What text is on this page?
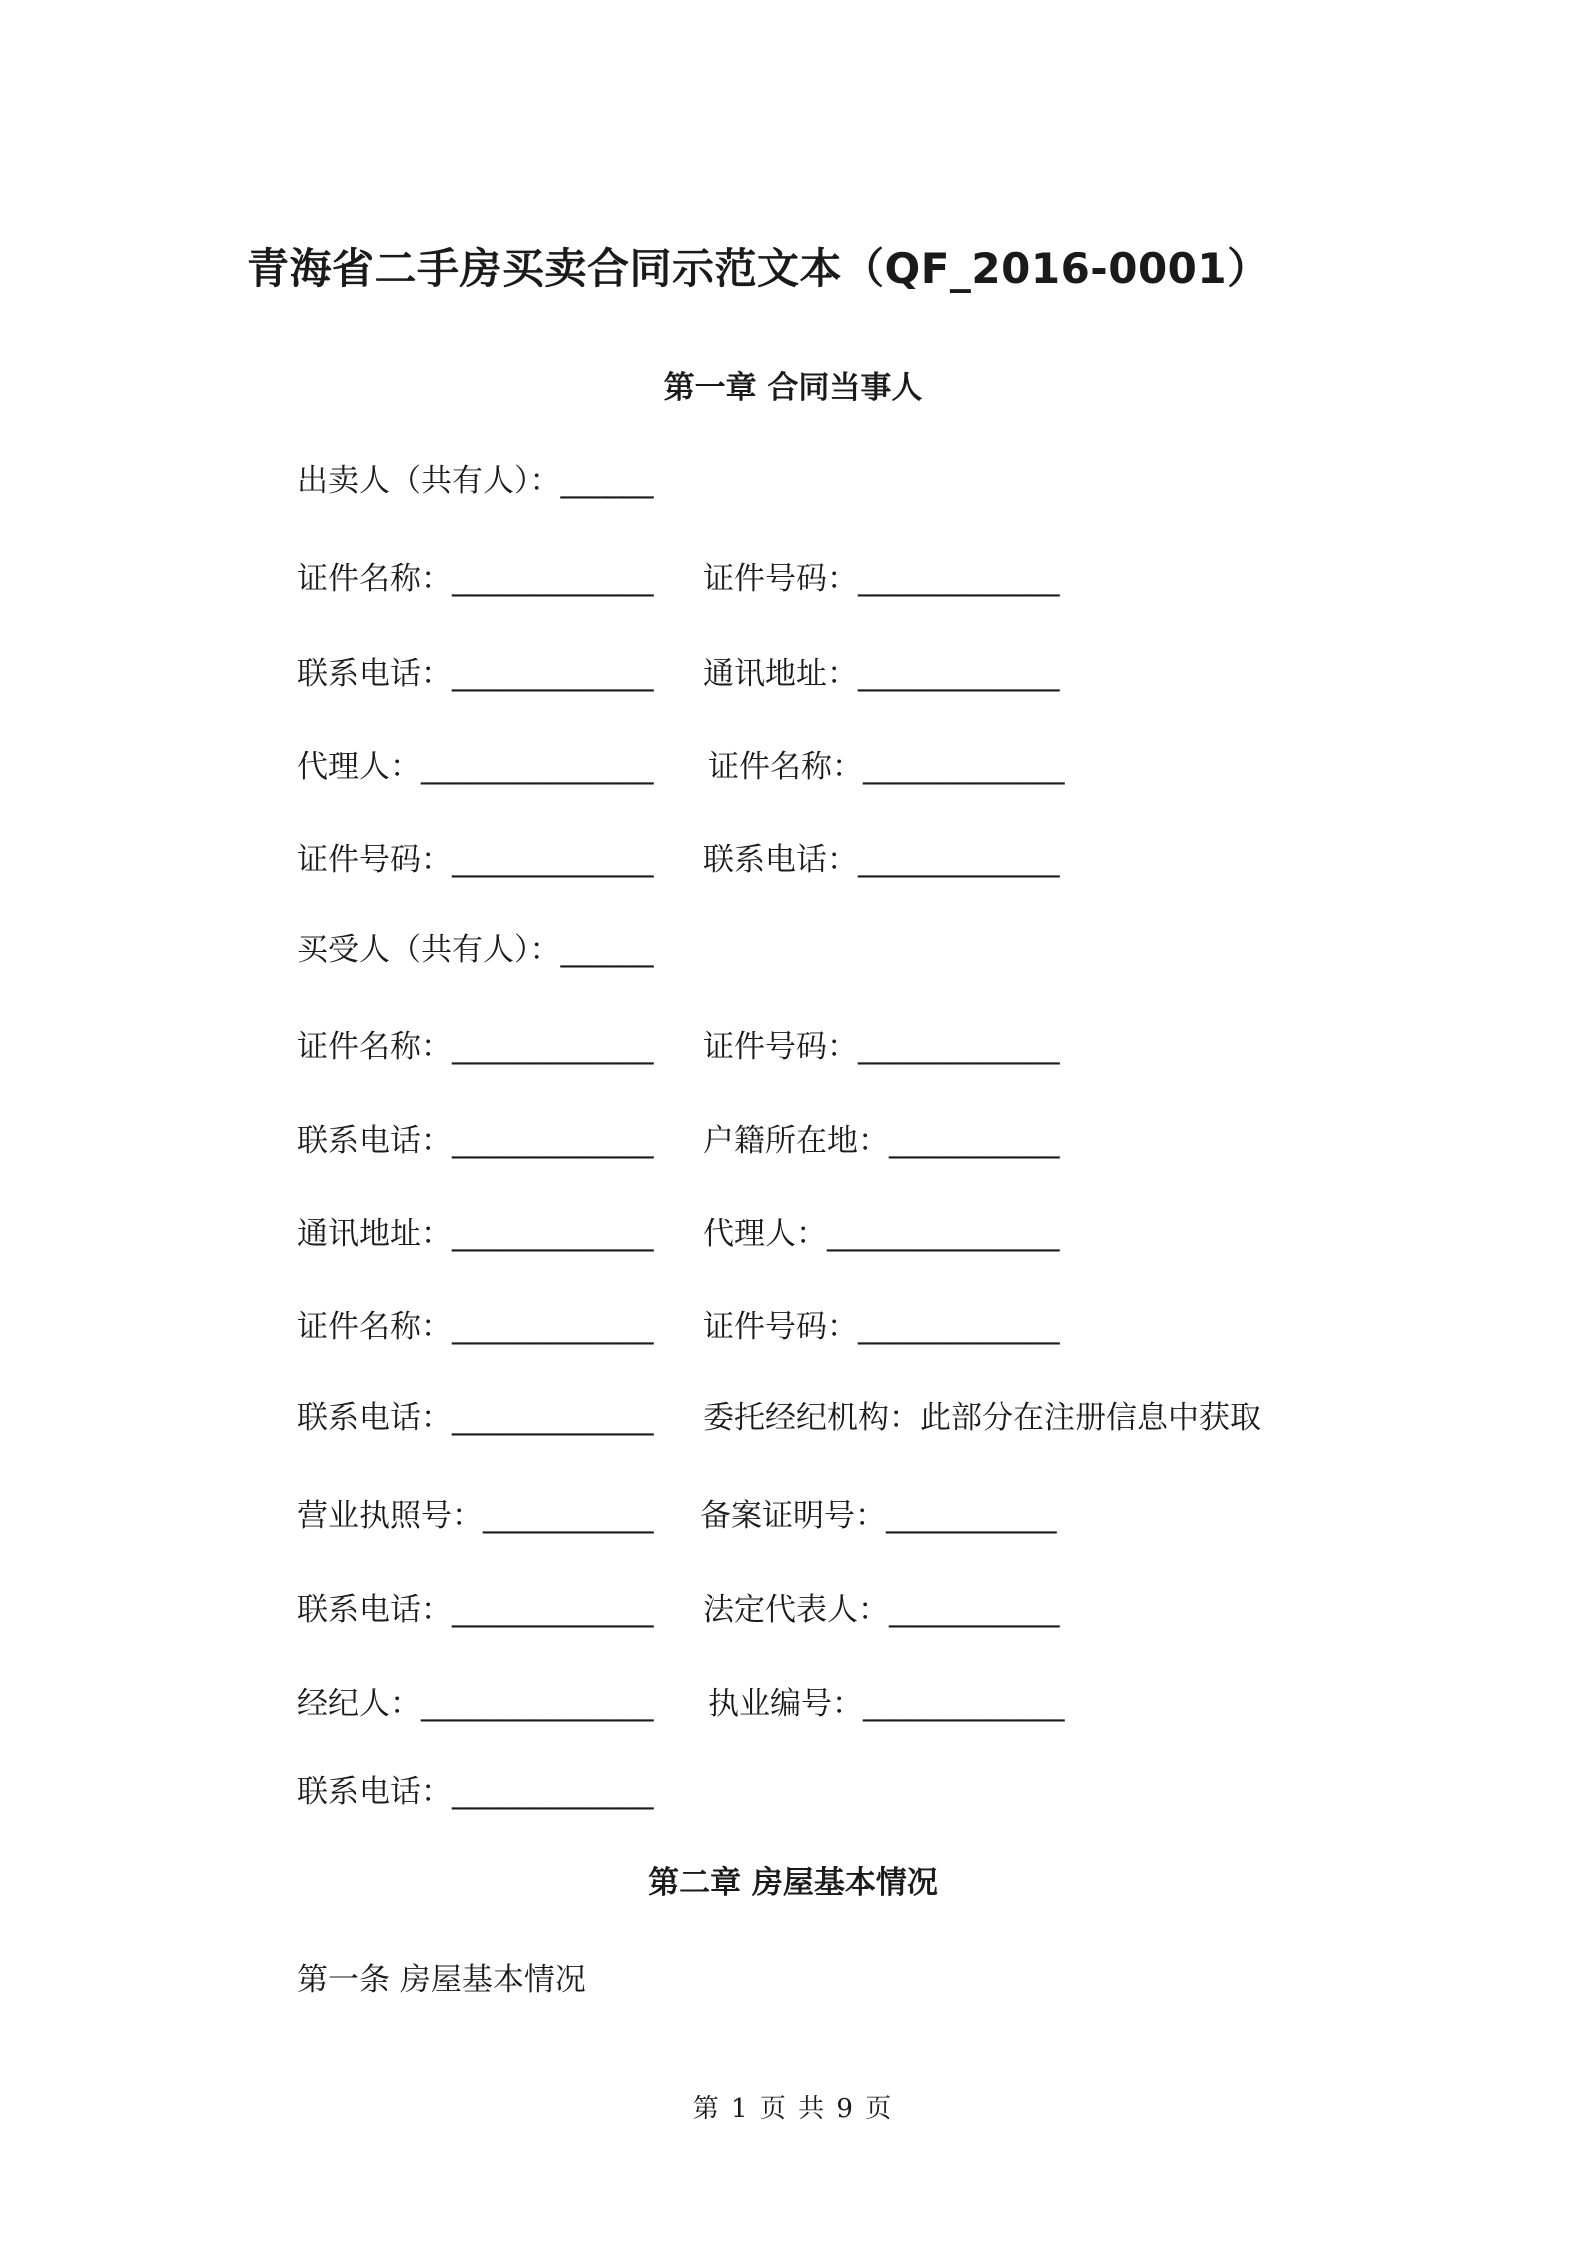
青海省二手房买卖合同示范文本（QF_2016-0001）
第一章 合同当事人
出卖人（共有人）：______
证件名称：_____________ 证件号码：_____________
联系电话：_____________ 通讯地址：_____________
代理人：_______________ 证件名称：_____________
证件号码：_____________ 联系电话：_____________
买受人（共有人）：______
证件名称：_____________ 证件号码：_____________
联系电话：_____________ 户籍所在地：___________
通讯地址：_____________ 代理人：_______________
证件名称：_____________ 证件号码：_____________
联系电话：_____________ 委托经纪机构：此部分在注册信息中获取
营业执照号：___________ 备案证明号：___________
联系电话：_____________ 法定代表人：___________
经纪人：_______________ 执业编号：_____________
联系电话：_____________
第二章 房屋基本情况
第一条 房屋基本情况
第 1 页 共 9 页
